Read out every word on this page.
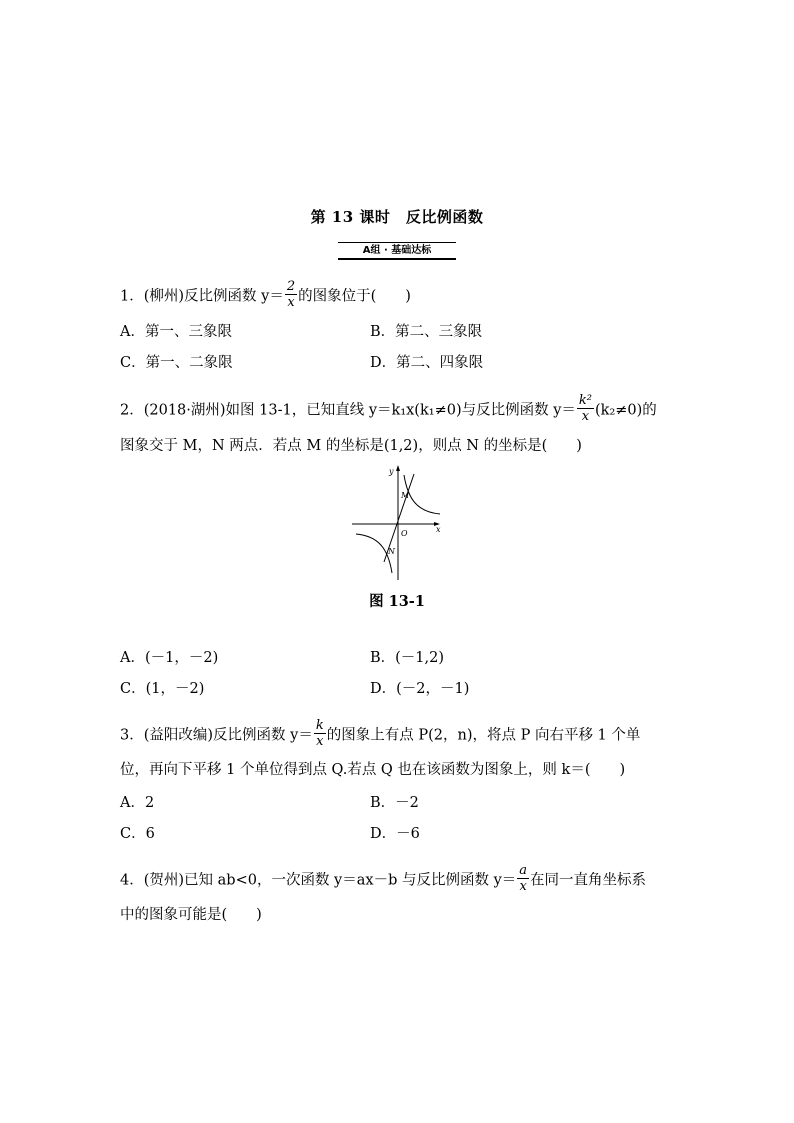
第 13 课时　反比例函数
A组 · 基础达标
1．(柳州)反比例函数 $y= \frac{2}{x}$ 的图象位于(　　)
A．第一、三象限	B．第二、三象限
C．第一、二象限	D．第二、四象限
2．(2018·湖州)如图 13-1，已知直线 y＝k₁x(k₁≠0)与反比例函数 $y= \frac{\text{k²}}{x} (k_2\ne 0)$的
图象交于 M，N 两点．若点 M 的坐标是(1,2)，则点 N 的坐标是(　　)
y
x
O
M
N
图 13-1
A．(－1，－2)	B．(－1,2)
C．(1，－2)	D．(－2，－1)
3．(益阳改编)反比例函数 $y= \frac{k}{x}$ 的图象上有点 P(2，n)，将点 P 向右平移 1 个单
位，再向下平移 1 个单位得到点 Q.若点 Q 也在该函数为图象上，则 k＝(　　)
A．2	B．－2
C．6	D．－6
4．(贺州)已知 ab<0，一次函数 y＝ax－b 与反比例函数 $y= \frac{a}{x}$ 在同一直角坐标系
中的图象可能是(　　)
